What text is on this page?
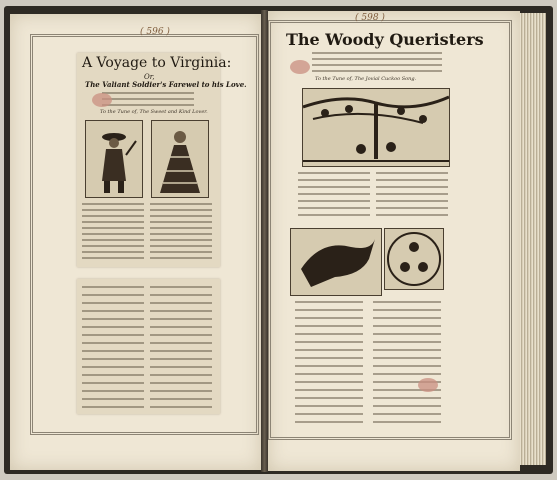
( 596 )
A Voyage to Virginia:
Or,
The Valiant Soldier's Farewel to his Love.
To the Tune of, The Sweet and Kind Lover.
( 598 )
The Woody Queristers
To the Tune of, The Jovial Cuckoo Song.
